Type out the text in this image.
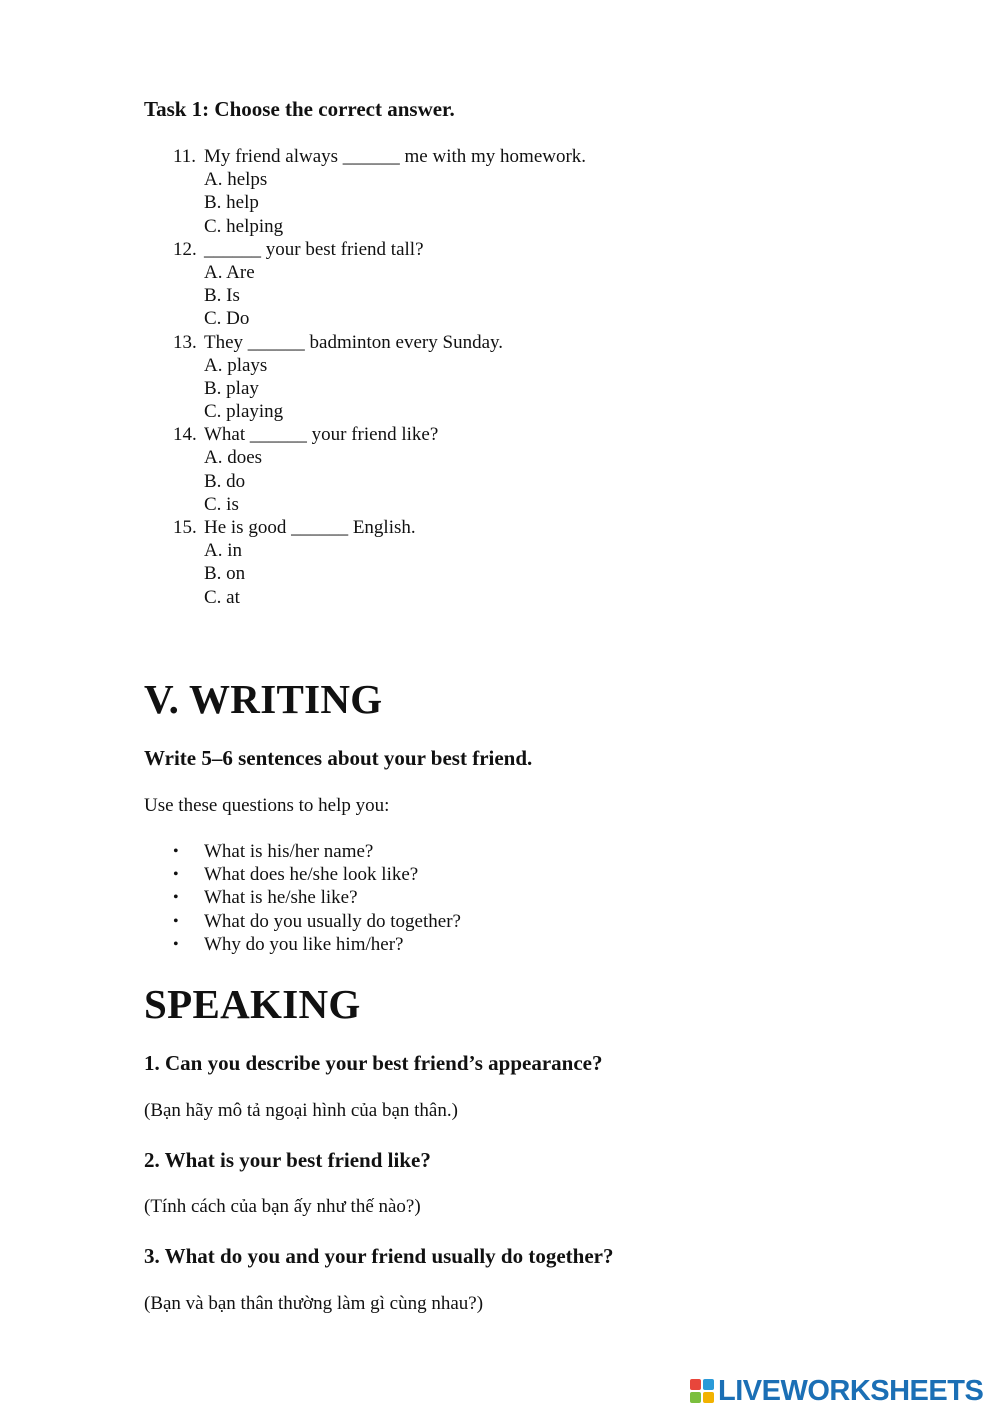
Task 1: Choose the correct answer.
11. My friend always ______ me with my homework.
A. helps
B. help
C. helping
12. ______ your best friend tall?
A. Are
B. Is
C. Do
13. They ______ badminton every Sunday.
A. plays
B. play
C. playing
14. What ______ your friend like?
A. does
B. do
C. is
15. He is good ______ English.
A. in
B. on
C. at
V. WRITING
Write 5–6 sentences about your best friend.

Use these questions to help you:

• What is his/her name?
• What does he/she look like?
• What is he/she like?
• What do you usually do together?
• Why do you like him/her?
SPEAKING
1. Can you describe your best friend’s appearance?

(Bạn hãy mô tả ngoại hình của bạn thân.)

2. What is your best friend like?

(Tính cách của bạn ấy như thế nào?)

3. What do you and your friend usually do together?

(Bạn và bạn thân thường làm gì cùng nhau?)

LIVEWORKSHEETS
